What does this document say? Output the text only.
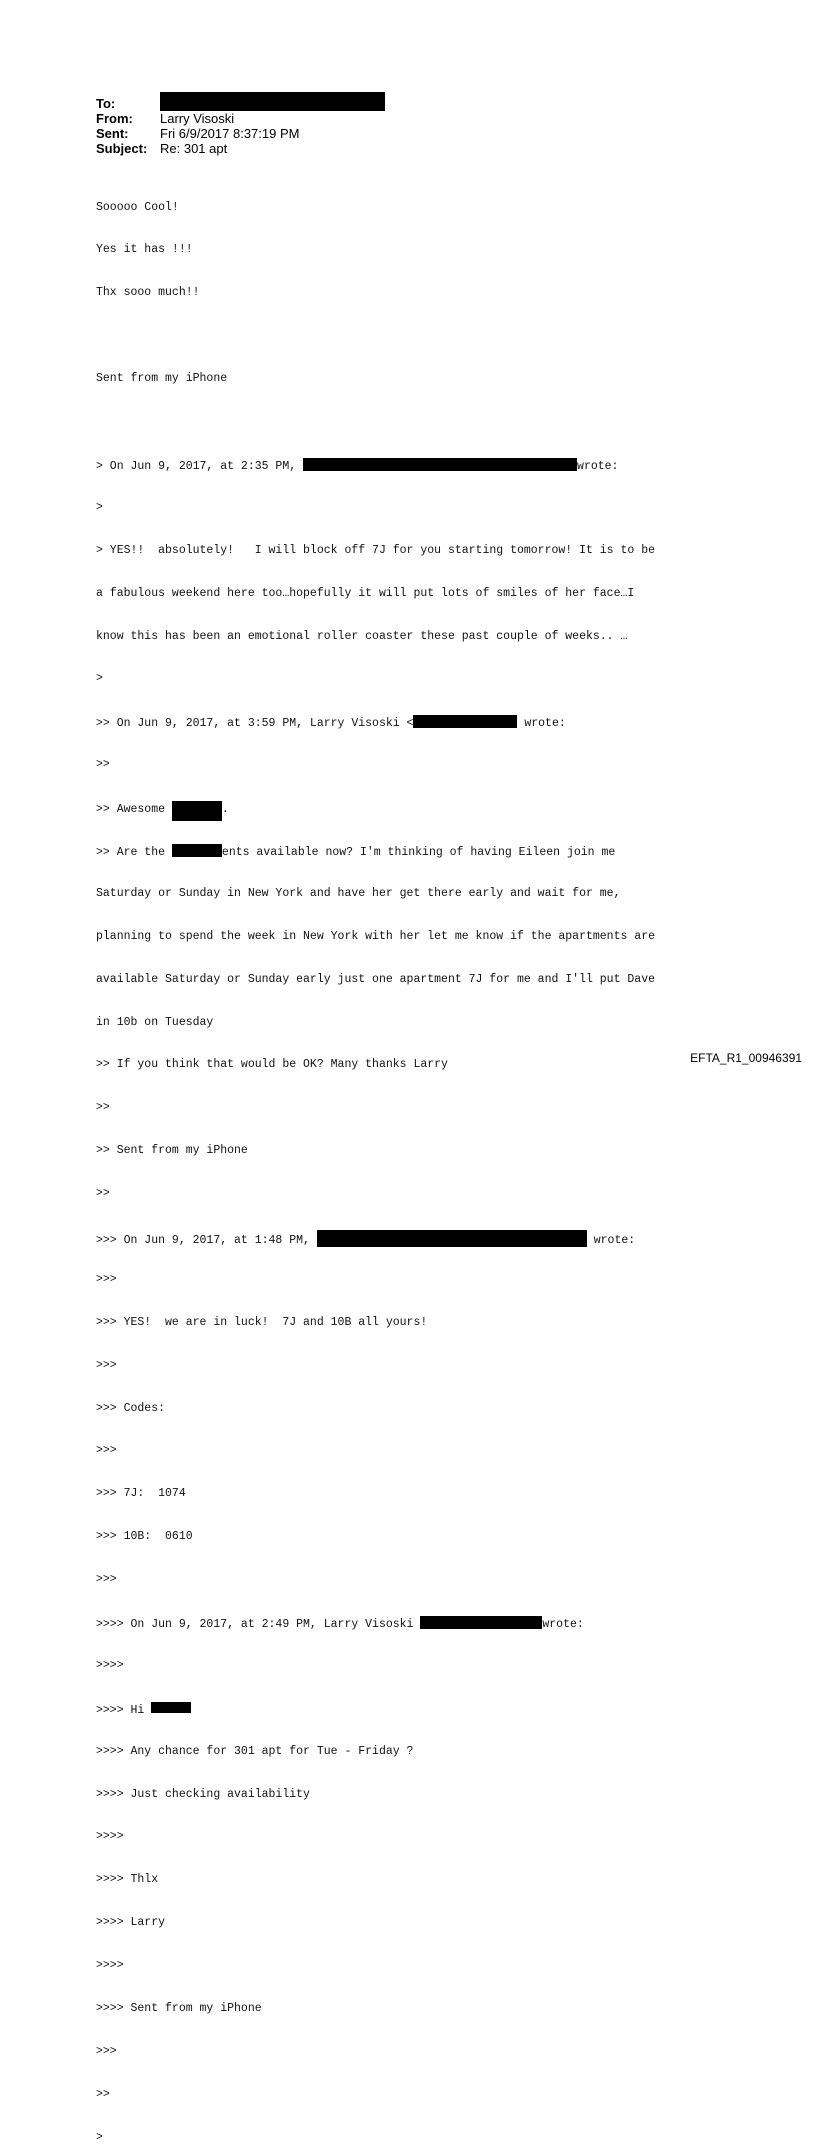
To:
From:	Larry Visoski
Sent:	Fri 6/9/2017 8:37:19 PM
Subject: Re: 301 apt

Sooooo Cool!

Yes it has !!!

Thx sooo much!!

Sent from my iPhone

> On Jun 9, 2017, at 2:35 PM,	wrote:

>

> YES!!  absolutely!   I will block off 7J for you starting tomorrow! It is to be

a fabulous weekend here too…hopefully it will put lots of smiles of her face…I

know this has been an emotional roller coaster these past couple of weeks.. …

>

>> On Jun 9, 2017, at 3:59 PM, Larry Visoski <	wrote:

>>

>> Awesome	.

>> Are the	ents available now? I'm thinking of having Eileen join me

Saturday or Sunday in New York and have her get there early and wait for me,

planning to spend the week in New York with her let me know if the apartments are

available Saturday or Sunday early just one apartment 7J for me and I'll put Dave

in 10b on Tuesday

>> If you think that would be OK? Many thanks Larry

>>

>> Sent from my iPhone

>>

>>> On Jun 9, 2017, at 1:48 PM,	wrote:

>>>

>>> YES!  we are in luck!  7J and 10B all yours!

>>>

>>> Codes:

>>>

>>> 7J:  1074

>>> 10B:  0610

>>>

>>>> On Jun 9, 2017, at 2:49 PM, Larry Visoski	wrote:

>>>>

>>>> Hi

>>>> Any chance for 301 apt for Tue - Friday ?

>>>> Just checking availability

>>>>

>>>> Thlx

>>>> Larry

>>>>

>>>> Sent from my iPhone

>>>

>>

>

EFTA_R1_00946391
